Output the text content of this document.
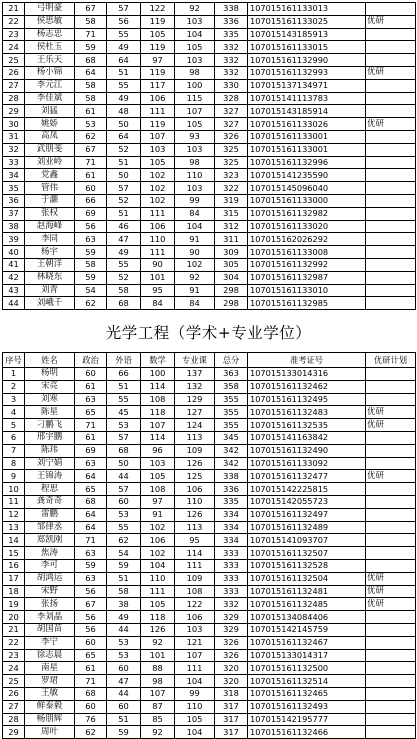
21	弓明豪	67	57	122	92	338	107015161133013	
22	侯思敏	58	56	119	103	336	107015161133025	优研
23	杨志忠	71	55	105	104	335	107015143185913	
24	侯杜玉	59	49	119	105	332	107015161133015	
25	王乐天	68	64	97	103	332	107015161132990	
26	杨小锦	64	51	119	98	332	107015161132993	优研
27	李元江	58	55	117	100	330	107015137134971	
28	李佳斌	58	49	106	115	328	107015141113783	
29	刘猛	61	48	111	107	327	107015143185914	
30	姚娇	53	50	119	105	327	107015161133026	优研
31	高凤	62	64	107	93	326	107015161133001	
32	武朋斐	67	52	103	103	325	107015161133001	
33	刘业岭	71	51	105	98	325	107015161132996	
34	党鑫	61	50	102	110	323	107015141235590	
35	管伟	60	57	102	103	322	107015145096040	
36	于灏	66	52	102	99	319	107015161133000	
37	张权	69	51	111	84	315	107015161132982	
38	赵海峰	56	46	106	104	312	107015161133020	
39	李同	63	47	110	91	311	107015162026292	
40	杨宇	59	49	111	90	309	107015161133008	
41	王朝洋	58	55	90	102	305	107015161132992	
42	林晓东	59	52	101	92	304	107015161132987	
43	刘青	54	58	95	91	298	107015161133010	
44	刘峨千	62	68	84	84	298	107015161132985	
光学工程（学术+专业学位）
序号	姓名	政治	外语	数学	专业课	总分	准考证号	优研计划
1	杨明	60	66	100	137	363	107015133014316	
2	宋亮	61	51	114	132	358	107015161132462	
3	刘寒	63	55	108	129	355	107015161132495	
4	陈星	65	45	118	127	355	107015161132483	优研
5	刁鹏飞	71	53	107	124	355	107015161132535	优研
6	邢宇鹏	61	57	114	113	345	107015141163842	
7	陈玮	69	68	96	109	342	107015161132490	
8	刘宁娟	63	50	103	126	342	107015161133092	
9	王锦涛	64	44	105	125	338	107015161132477	优研
10	程思	65	57	108	106	336	107015142225815	
11	龚奇奇	68	60	97	110	335	107015142055723	
12	雷鹏	64	53	91	126	334	107015161132497	
13	邹律丞	64	55	102	113	334	107015161132489	
14	郑凯刚	71	62	106	95	334	107015141093707	
15	焦涛	63	54	102	114	333	107015161132507	
16	李可	59	59	104	111	333	107015161132528	
17	胡鸿运	63	51	110	109	333	107015161132504	优研
18	宋野	56	58	111	108	333	107015161132481	优研
19	张扬	67	38	105	122	332	107015161132485	优研
20	李刘晶	56	49	118	106	329	107015134084406	
21	胡国苗	56	44	126	103	329	107015142145759	
22	李宁	60	53	92	121	326	107015161132467	
23	徐志晨	65	53	101	107	326	107015133014317	
24	南星	61	60	88	111	320	107015161132500	
25	罗珺	71	47	98	104	320	107015161132514	
26	王敏	68	44	107	99	318	107015161132465	
27	鲜泰毅	60	60	87	110	317	107015161132493	
28	畅朋辉	76	51	85	105	317	107015142195777	
29	周叶	62	59	92	104	317	107015161132466	
